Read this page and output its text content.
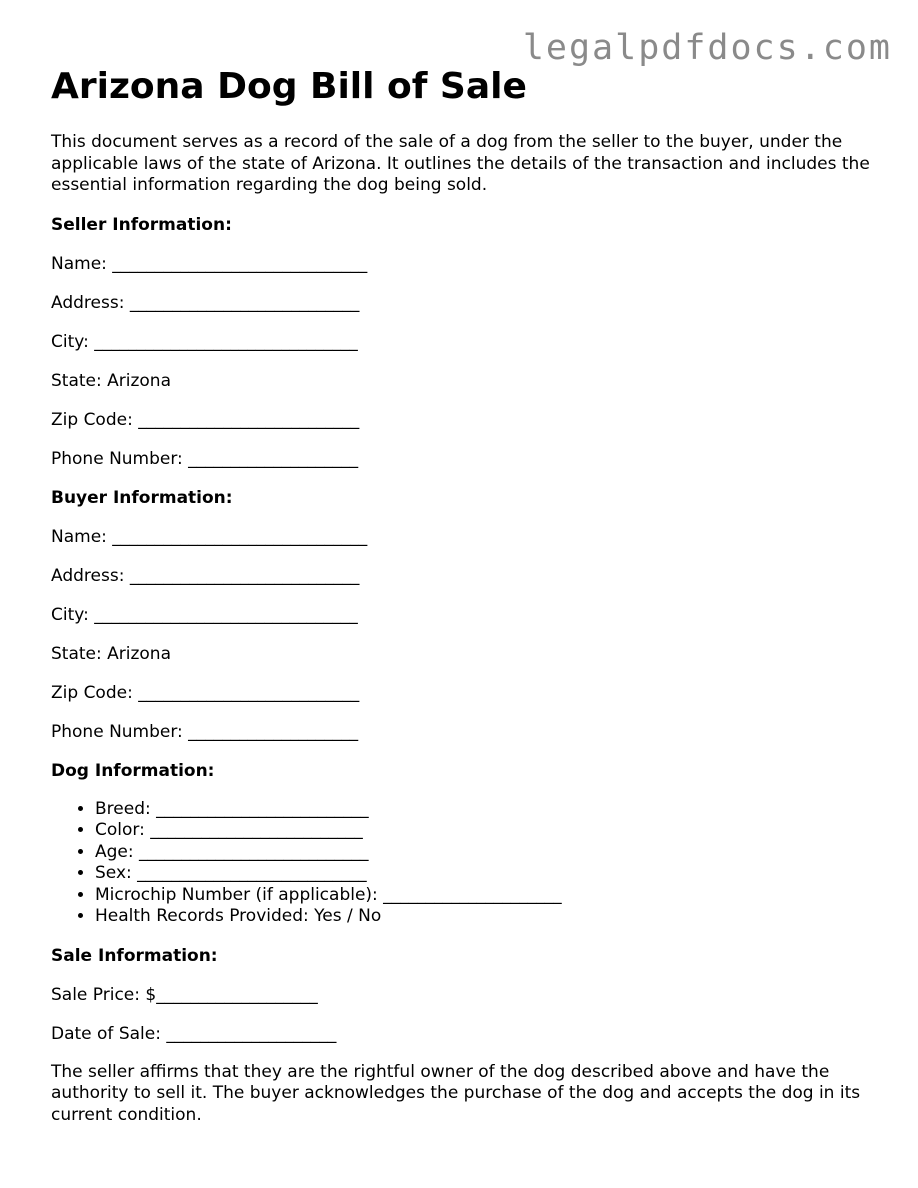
legalpdfdocs.com
Arizona Dog Bill of Sale

This document serves as a record of the sale of a dog from the seller to the buyer, under the applicable laws of the state of Arizona. It outlines the details of the transaction and includes the essential information regarding the dog being sold.

Seller Information:
Name: ______________________________
Address: ___________________________
City: _______________________________
State: Arizona
Zip Code: __________________________
Phone Number: ____________________
Buyer Information:
Name: ______________________________
Address: ___________________________
City: _______________________________
State: Arizona
Zip Code: __________________________
Phone Number: ____________________
Dog Information:
• Breed: _________________________
• Color: _________________________
• Age: ___________________________
• Sex: ___________________________
• Microchip Number (if applicable): _____________________
• Health Records Provided: Yes / No
Sale Information:
Sale Price: $___________________
Date of Sale: ____________________

The seller affirms that they are the rightful owner of the dog described above and have the authority to sell it. The buyer acknowledges the purchase of the dog and accepts the dog in its current condition.
